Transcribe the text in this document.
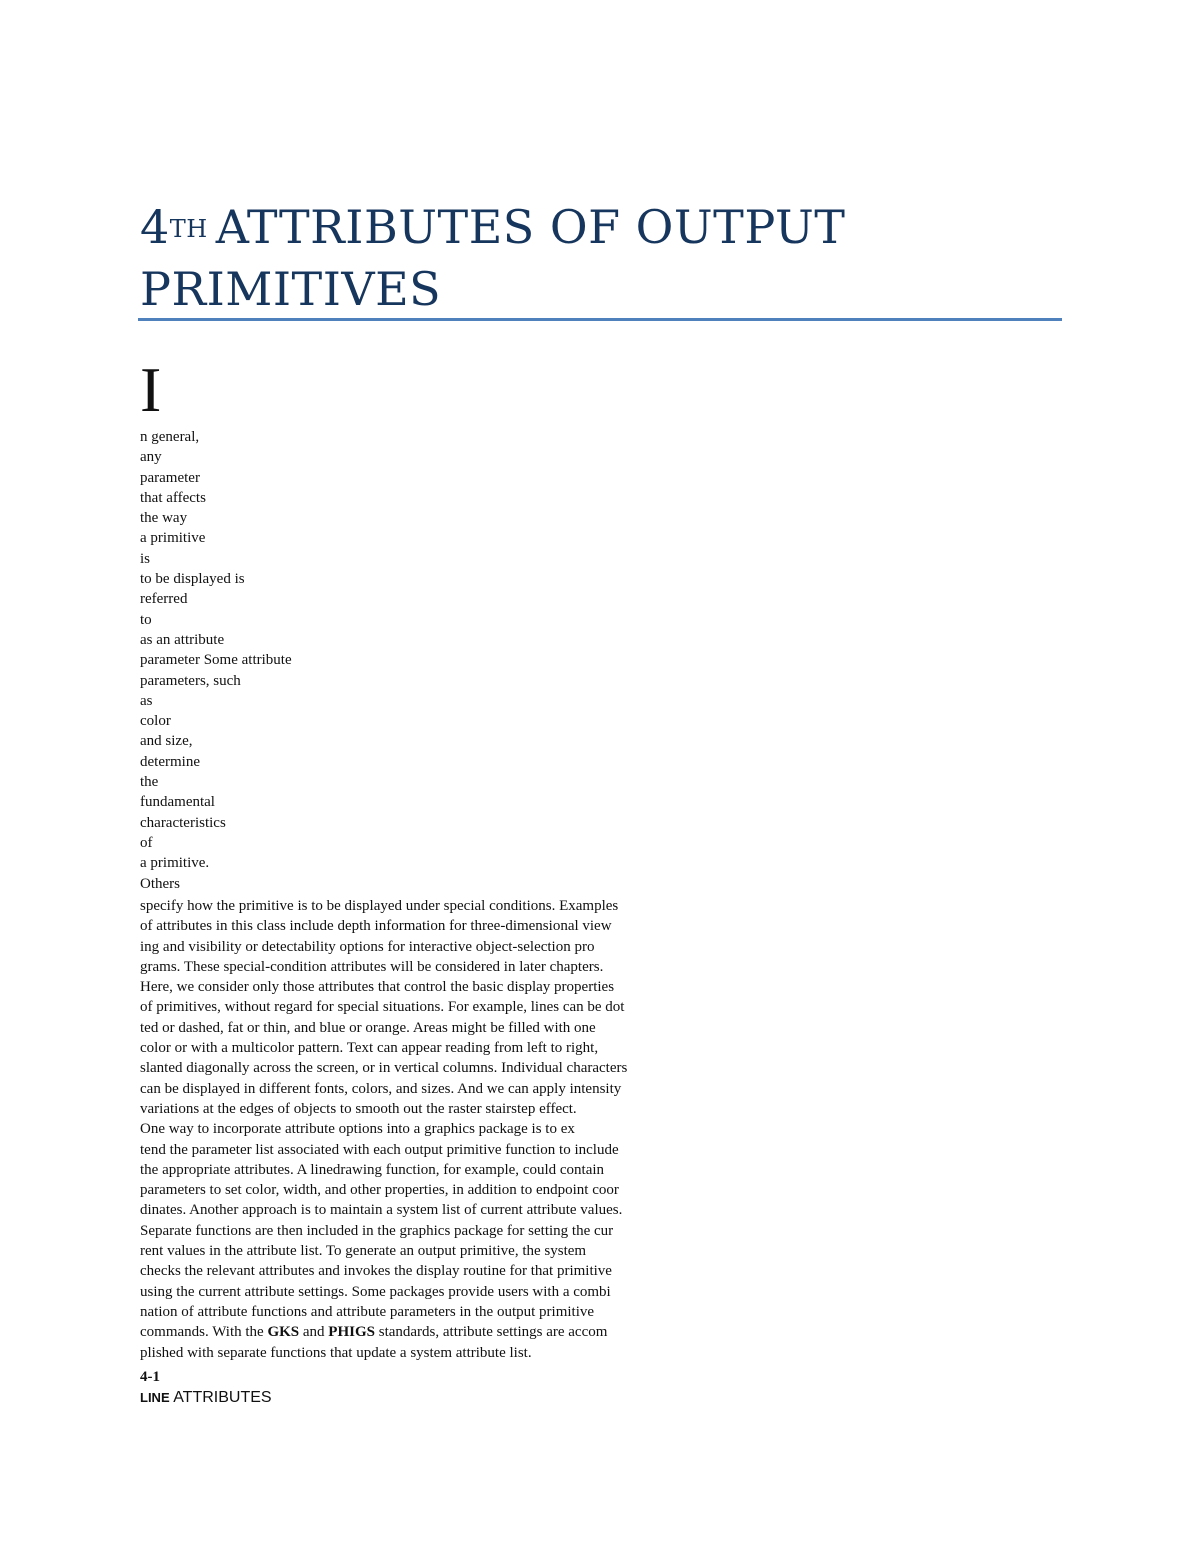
4TH ATTRIBUTES OF OUTPUT
PRIMITIVES
I
n general,
any
parameter
that affects
the way
a primitive
is
to be displayed is
referred
to
as an attribute
parameter Some attribute
parameters, such
as
color
and size,
determine
the
fundamental
characteristics
of
a primitive.
Others
specify how the primitive is to be displayed under special conditions. Examples
of attributes in this class include depth information for three-dimensional view
ing and visibility or detectability options for interactive object-selection pro
grams. These special-condition attributes will be considered in later chapters.
Here, we consider only those attributes that control the basic display properties
of primitives, without regard for special situations. For example, lines can be dot
ted or dashed, fat or thin, and blue or orange. Areas might be filled with one
color or with a multicolor pattern. Text can appear reading from left to right,
slanted diagonally across the screen, or in vertical columns. Individual characters
can be displayed in different fonts, colors, and sizes. And we can apply intensity
variations at the edges of objects to smooth out the raster stairstep effect.
One way to incorporate attribute options into a graphics package is to ex
tend the parameter list associated with each output primitive function to include
the appropriate attributes. A linedrawing function, for example, could contain
parameters to set color, width, and other properties, in addition to endpoint coor
dinates. Another approach is to maintain a system list of current attribute values.
Separate functions are then included in the graphics package for setting the cur
rent values in the attribute list. To generate an output primitive, the system
checks the relevant attributes and invokes the display routine for that primitive
using the current attribute settings. Some packages provide users with a combi
nation of attribute functions and attribute parameters in the output primitive
commands. With the GKS and PHIGS standards, attribute settings are accom
plished with separate functions that update a system attribute list.
4-1
LINE ATTRIBUTES
